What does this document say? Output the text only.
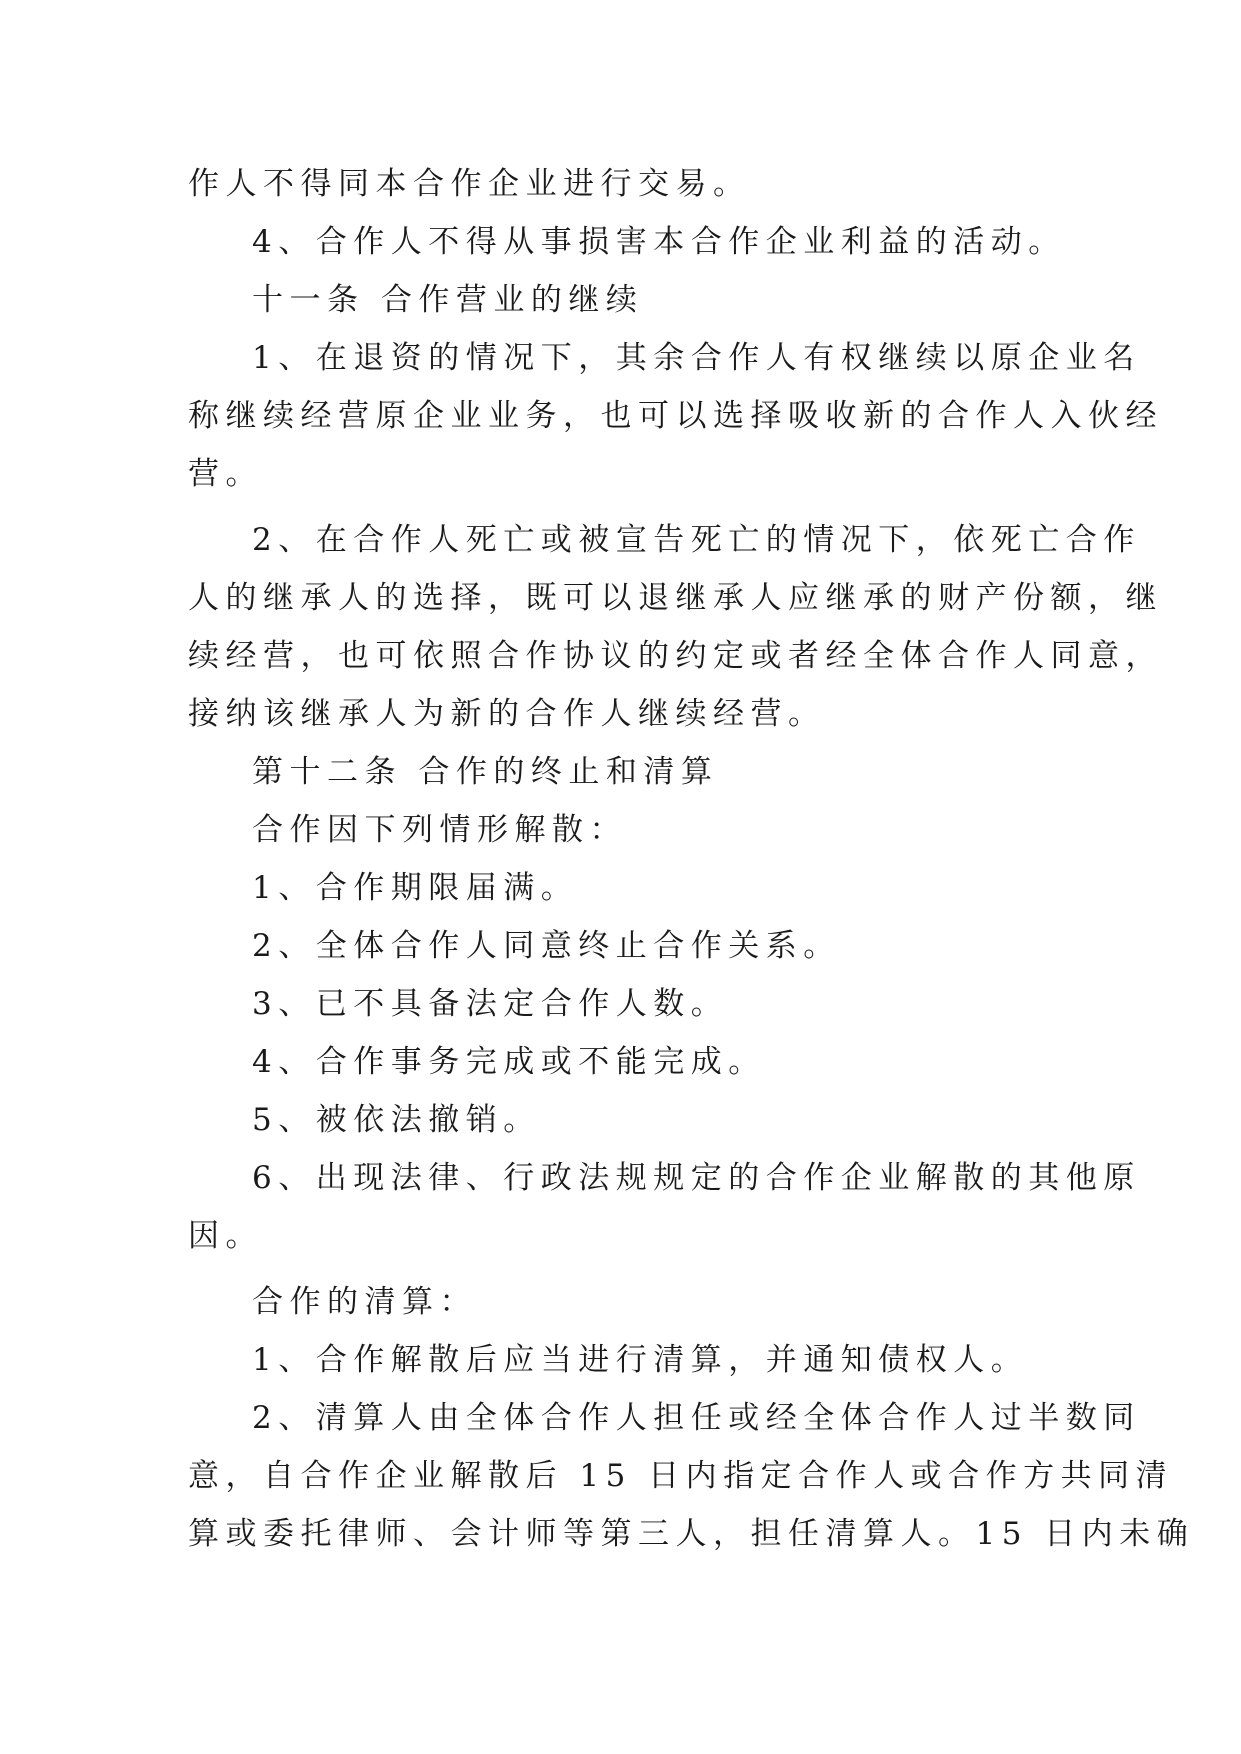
作人不得同本合作企业进行交易。
4、合作人不得从事损害本合作企业利益的活动。
十一条 合作营业的继续
1、在退资的情况下，其余合作人有权继续以原企业名
称继续经营原企业业务，也可以选择吸收新的合作人入伙经
营。
2、在合作人死亡或被宣告死亡的情况下，依死亡合作
人的继承人的选择，既可以退继承人应继承的财产份额，继
续经营，也可依照合作协议的约定或者经全体合作人同意，
接纳该继承人为新的合作人继续经营。
第十二条 合作的终止和清算
合作因下列情形解散：
1、合作期限届满。
2、全体合作人同意终止合作关系。
3、已不具备法定合作人数。
4、合作事务完成或不能完成。
5、被依法撤销。
6、出现法律、行政法规规定的合作企业解散的其他原
因。
合作的清算：
1、合作解散后应当进行清算，并通知债权人。
2、清算人由全体合作人担任或经全体合作人过半数同
意，自合作企业解散后 15 日内指定合作人或合作方共同清
算或委托律师、会计师等第三人，担任清算人。15 日内未确
